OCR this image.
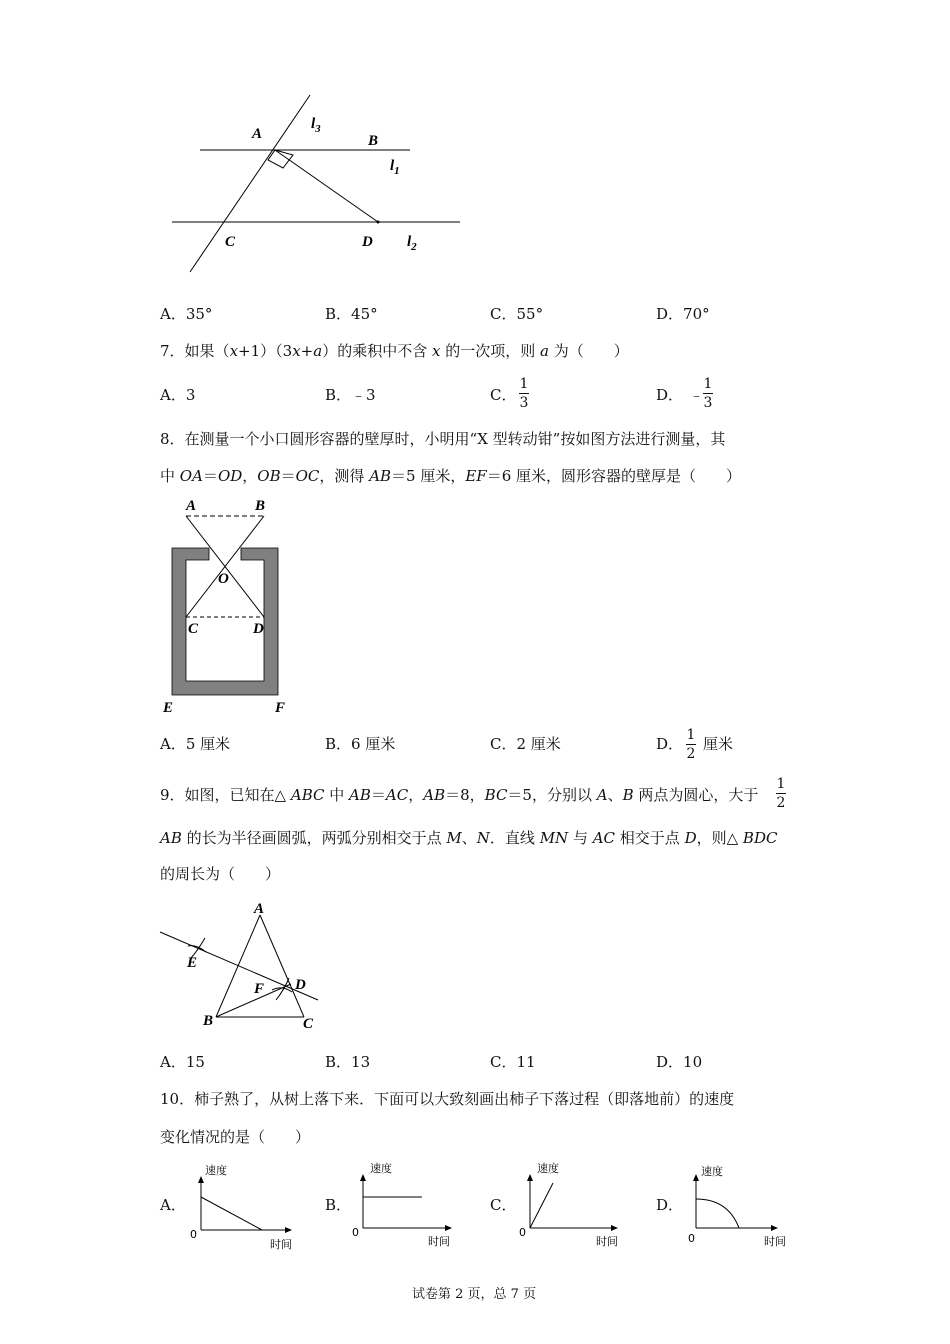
A	B
C	D
$l_3$
$l_1$
$l_2$
A．35°	B．45°	C．55°	D．70°
7．如果（x+1）（3x+a）的乘积中不含 x 的一次项，则 a 为（　　）
A．3	B．﹣3	C．
1
3	D． ﹣
1
3
8．在测量一个小口圆形容器的壁厚时，小明用“X 型转动钳”按如图方法进行测量，其
中 OA＝OD，OB＝OC，测得 AB＝5 厘米，EF＝6 厘米，圆形容器的壁厚是（　　）
A	B
O
C	D
E	F
A．5 厘米	B．6 厘米	C．2 厘米	D． 1
2
厘米
9．如图，已知在△ ABC 中 AB＝AC，AB＝8，BC＝5，分别以 A、B 两点为圆心，大于
1
2
AB 的长为半径画圆弧，两弧分别相交于点 M、N．直线 MN 与 AC 相交于点 D，则△ BDC
的周长为（　　）
A
B	C
D
E
F
A．15	B．13	C．11	D．10
10．柿子熟了，从树上落下来．下面可以大致刻画出柿子下落过程（即落地前）的速度
变化情况的是（　　）
A．
速度
时间
0
B．
速度
时间
0
C．
速度
时间
0
D．
速度
时间
0
试卷第 2 页，总 7 页
